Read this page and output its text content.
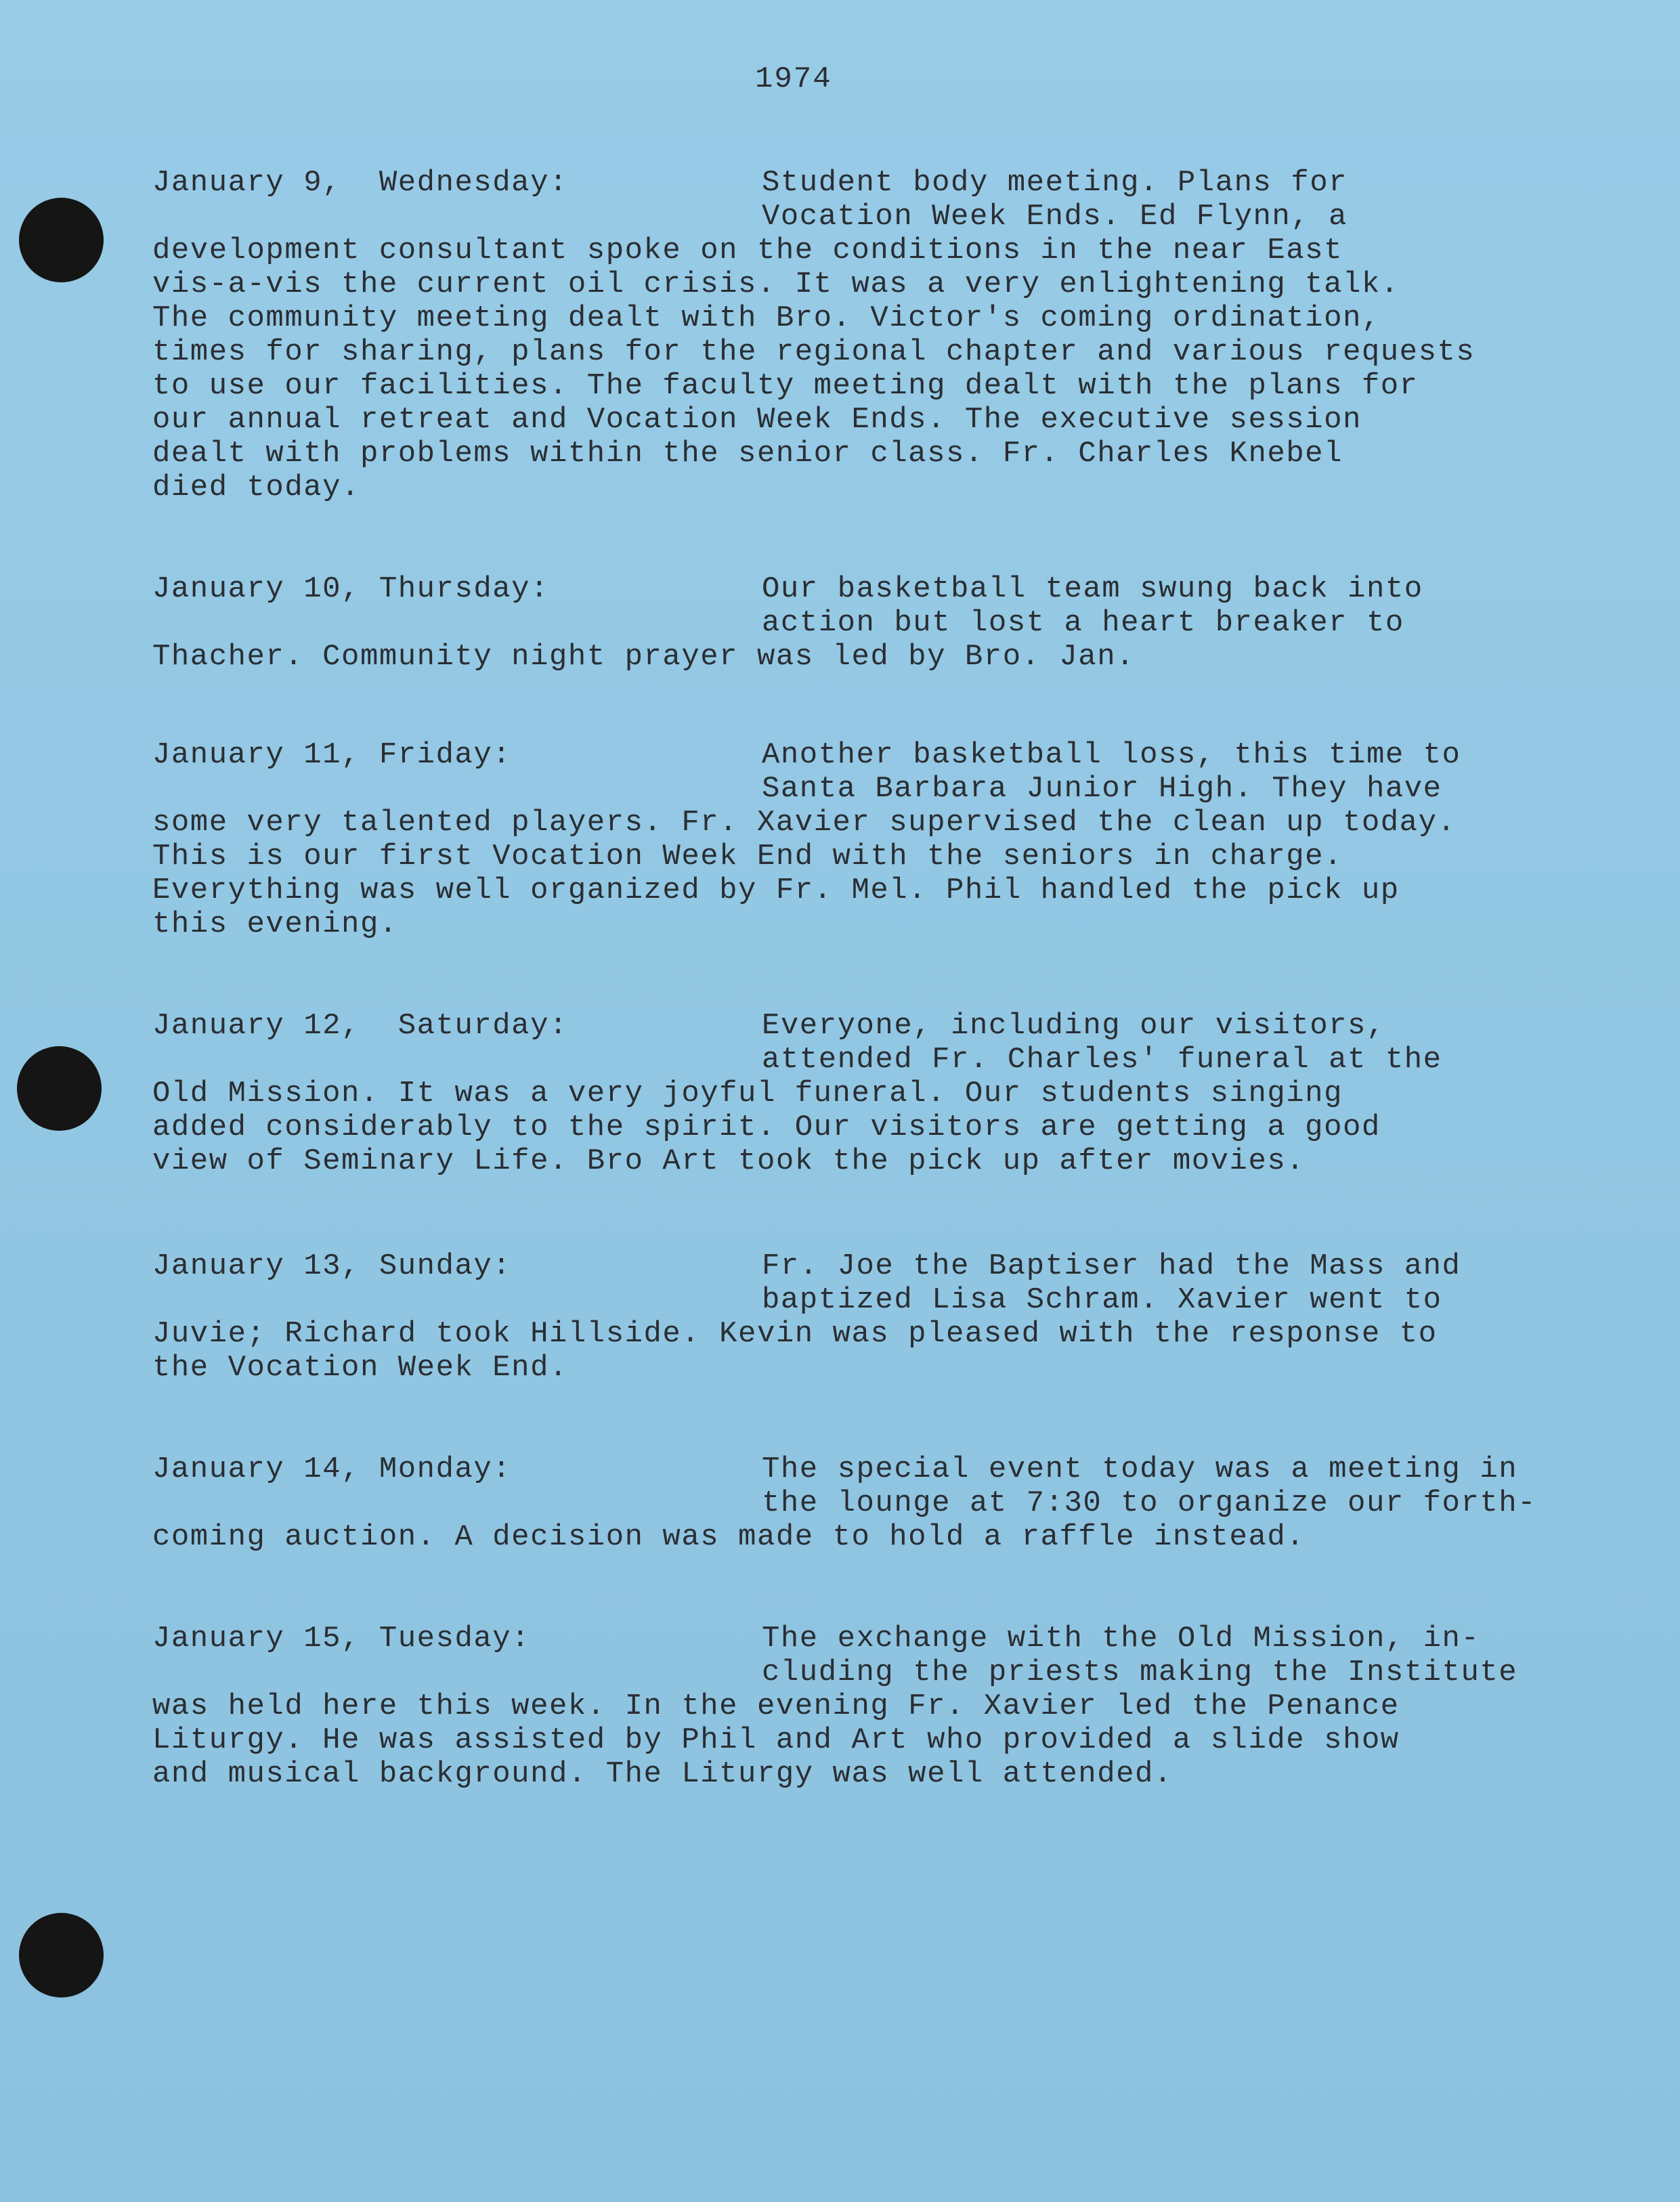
1974
January 9,  Wednesday:	Student body meeting. Plans for
Vocation Week Ends. Ed Flynn, a
development consultant spoke on the conditions in the near East
vis-a-vis the current oil crisis. It was a very enlightening talk.
The community meeting dealt with Bro. Victor's coming ordination,
times for sharing, plans for the regional chapter and various requests
to use our facilities. The faculty meeting dealt with the plans for
our annual retreat and Vocation Week Ends. The executive session
dealt with problems within the senior class. Fr. Charles Knebel
died today.
January 10, Thursday:	Our basketball team swung back into
action but lost a heart breaker to
Thacher. Community night prayer was led by Bro. Jan.
January 11, Friday:	Another basketball loss, this time to
Santa Barbara Junior High. They have
some very talented players. Fr. Xavier supervised the clean up today.
This is our first Vocation Week End with the seniors in charge.
Everything was well organized by Fr. Mel. Phil handled the pick up
this evening.
January 12,  Saturday:	Everyone, including our visitors,
attended Fr. Charles' funeral at the
Old Mission. It was a very joyful funeral. Our students singing
added considerably to the spirit. Our visitors are getting a good
view of Seminary Life. Bro Art took the pick up after movies.
January 13, Sunday:	Fr. Joe the Baptiser had the Mass and
baptized Lisa Schram. Xavier went to
Juvie; Richard took Hillside. Kevin was pleased with the response to
the Vocation Week End.
January 14, Monday:	The special event today was a meeting in
the lounge at 7:30 to organize our forth-
coming auction. A decision was made to hold a raffle instead.
January 15, Tuesday:	The exchange with the Old Mission, in-
cluding the priests making the Institute
was held here this week. In the evening Fr. Xavier led the Penance
Liturgy. He was assisted by Phil and Art who provided a slide show
and musical background. The Liturgy was well attended.
